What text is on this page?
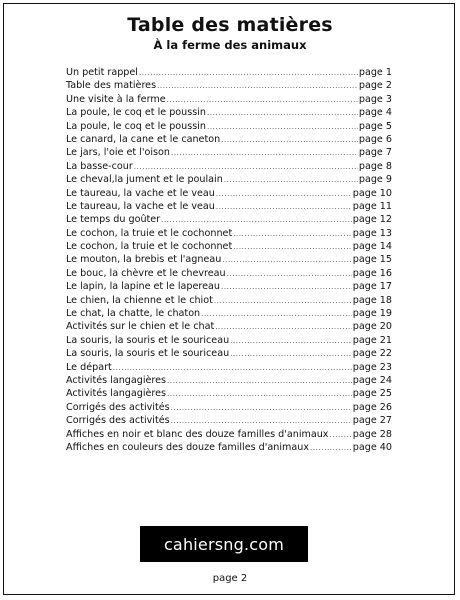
Table des matières
À la ferme des animaux
Un petit rappel .....	page 1
Table des matières .....	page 2
Une visite à la ferme .....	page 3
La poule, le coq et le poussin .....	page 4
La poule, le coq et le poussin .....	page 5
Le canard, la cane et le caneton .....	page 6
Le jars, l'oie et l'oison .....	page 7
La basse-cour .....	page 8
Le cheval,la jument et le poulain .....	page 9
Le taureau, la vache et le veau .....	page 10
Le taureau, la vache et le veau .....	page 11
Le temps du goûter .....	page 12
Le cochon, la truie et le cochonnet .....	page 13
Le cochon, la truie et le cochonnet .....	page 14
Le mouton, la brebis et l'agneau .....	page 15
Le bouc, la chèvre et le chevreau .....	page 16
Le lapin, la lapine et le lapereau .....	page 17
Le chien, la chienne et le chiot .....	page 18
Le chat, la chatte, le chaton .....	page 19
Activités sur le chien et le chat .....	page 20
La souris, la souris et le souriceau .....	page 21
La souris, la souris et le souriceau .....	page 22
Le départ .....	page 23
Activités langagières .....	page 24
Activités langagières .....	page 25
Corrigés des activités .....	page 26
Corrigés des activités .....	page 27
Affiches en noir et blanc des douze familles d'animaux .....	page 28
Affiches en couleurs des douze familles d'animaux .....	page 40
cahiersng.com
page 2
